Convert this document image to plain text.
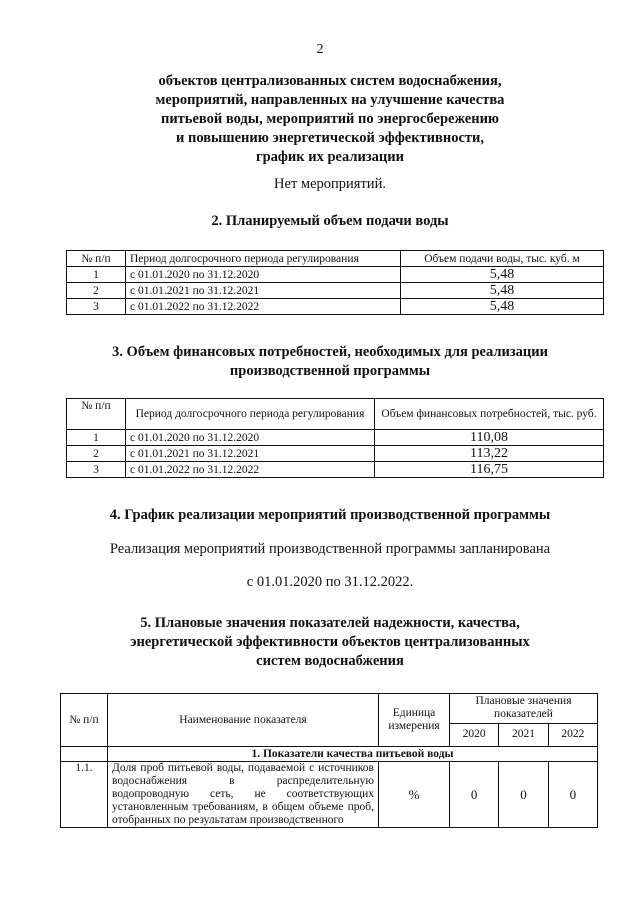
2
объектов централизованных систем водоснабжения,
мероприятий, направленных на улучшение качества
питьевой воды, мероприятий по энергосбережению
и повышению энергетической эффективности,
график их реализации
Нет мероприятий.
2. Планируемый объем подачи воды
№ п/п	Период долгосрочного периода регулирования	Объем подачи воды, тыс. куб. м
1	с 01.01.2020 по 31.12.2020	5,48
2	с 01.01.2021 по 31.12.2021	5,48
3	с 01.01.2022 по 31.12.2022	5,48
3. Объем финансовых потребностей, необходимых для реализации
производственной программы
№ п/п	Период долгосрочного периода регулирования	Объем финансовых потребностей, тыс. руб.
1	с 01.01.2020 по 31.12.2020	110,08
2	с 01.01.2021 по 31.12.2021	113,22
3	с 01.01.2022 по 31.12.2022	116,75
4. График реализации мероприятий производственной программы
Реализация мероприятий производственной программы запланирована
с 01.01.2020 по 31.12.2022.
5. Плановые значения показателей надежности, качества,
энергетической эффективности объектов централизованных
систем водоснабжения
№ п/п	Наименование показателя	Единица измерения	Плановые значения показателей		
			2020	2021	2022
	1. Показатели качества питьевой воды				
1.1.	Доля проб питьевой воды, подаваемой с источников водоснабжения в распределительную водопроводную сеть, не соответствующих установленным требованиям, в общем объеме проб, отобранных по результатам производственного	%	0	0	0
